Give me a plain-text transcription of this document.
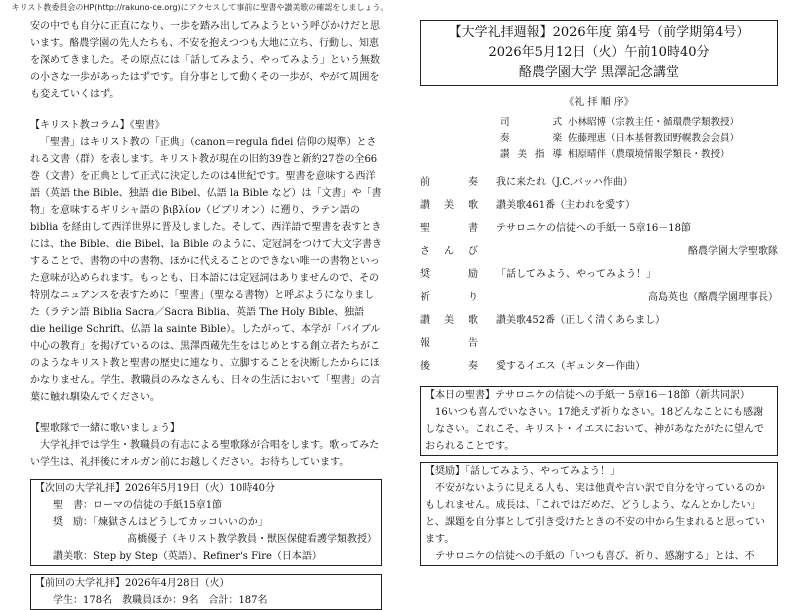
キリスト教委員会のHP(http://rakuno-ce.org)にアクセスして事前に聖書や讃美歌の確認をしましょう。

安の中でも自分に正直になり、一歩を踏み出してみようという呼びかけだと思います。酪農学園の先人たちも、不安を抱えつつも大地に立ち、行動し、知恵を深めてきました。その原点には「話してみよう、やってみよう」という無数の小さな一歩があったはずです。自分事として動くその一歩が、やがて周囲をも変えていくはず。

【キリスト教コラム】《聖書》

「聖書」はキリスト教の「正典」（canon＝regula fidei 信仰の規準）とされる文書（群）を表します。キリスト教が現在の旧約39巻と新約27巻の全66巻（文書）を正典として正式に決定したのは4世紀です。聖書を意味する西洋語（英語 the Bible、独語 die Bibel、仏語 la Bible など）は「文書」や「書物」を意味するギリシャ語の βιβλίον（ビブリオン）に遡り、ラテン語の biblia を経由して西洋世界に普及しました。そして、西洋語で聖書を表すときには、the Bible、die Bibel、la Bible のように、定冠詞をつけて大文字書きすることで、書物の中の書物、ほかに代えることのできない唯一の書物といった意味が込められます。もっとも、日本語には定冠詞はありませんので、その特別なニュアンスを表すために「聖書」（聖なる書物）と呼ぶようになりました（ラテン語 Biblia Sacra／Sacra Biblia、英語 The Holy Bible、独語 die heilige Schrift、仏語 la sainte Bible）。したがって、本学が「バイブル中心の教育」を掲げているのは、黒澤酉蔵先生をはじめとする創立者たちがこのようなキリスト教と聖書の歴史に連なり、立脚することを決断したからにほかなりません。学生、教職員のみなさんも、日々の生活において「聖書」の言葉に触れ馴染んでください。

【聖歌隊で一緒に歌いましょう】

大学礼拝では学生・教職員の有志による聖歌隊が合唱をします。歌ってみたい学生は、礼拝後にオルガン前にお越しください。お待ちしています。

【次回の大学礼拝】2026年5月19日（火）10時40分

聖　書：ローマの信徒の手紙15章1節

奨　励：「煉獄さんはどうしてカッコいいのか」

髙橋優子（キリスト教学教員・獣医保健看護学類教授）

讃美歌：Step by Step（英語）、Refiner's Fire（日本語）

【前回の大学礼拝】2026年4月28日（火）

学生：178名　教職員ほか：9名　合計：187名

【大学礼拝週報】2026年度 第4号（前学期第4号）

2026年5月12日（火）午前10時40分

酪農学園大学 黒澤記念講堂

《礼 拝 順 序》

司　　式 小林昭博（宗教主任・循環農学類教授）
奏　　楽 佐藤理恵（日本基督教団野幌教会会員）
讃美指導 相原晴伴（農環境情報学類長・教授）
前奏 我に来たれ（J.C.バッハ作曲）
讃美歌 讃美歌461番（主われを愛す）
聖書 テサロニケの信徒への手紙一 5章16－18節
さんび	酪農学園大学聖歌隊
奨励 「話してみよう、やってみよう！」
祈り	高島英也（酪農学園理事長）
讃美歌 讃美歌452番（正しく清くあらまし）
報告
後奏 愛するイエス（ギュンター作曲）

【本日の聖書】テサロニケの信徒への手紙一 5章16－18節（新共同訳）

16いつも喜んでいなさい。17絶えず祈りなさい。18どんなことにも感謝しなさい。これこそ、キリスト・イエスにおいて、神があなたがたに望んでおられることです。

【奨励】「話してみよう、やってみよう！」

不安がないように見える人も、実は他責や言い訳で自分を守っているのかもしれません。成長は、「これではだめだ、どうしよう、なんとかしたい」と、課題を自分事として引き受けたときの不安の中から生まれると思っています。

テサロニケの信徒への手紙の「いつも喜び、祈り、感謝する」とは、不
